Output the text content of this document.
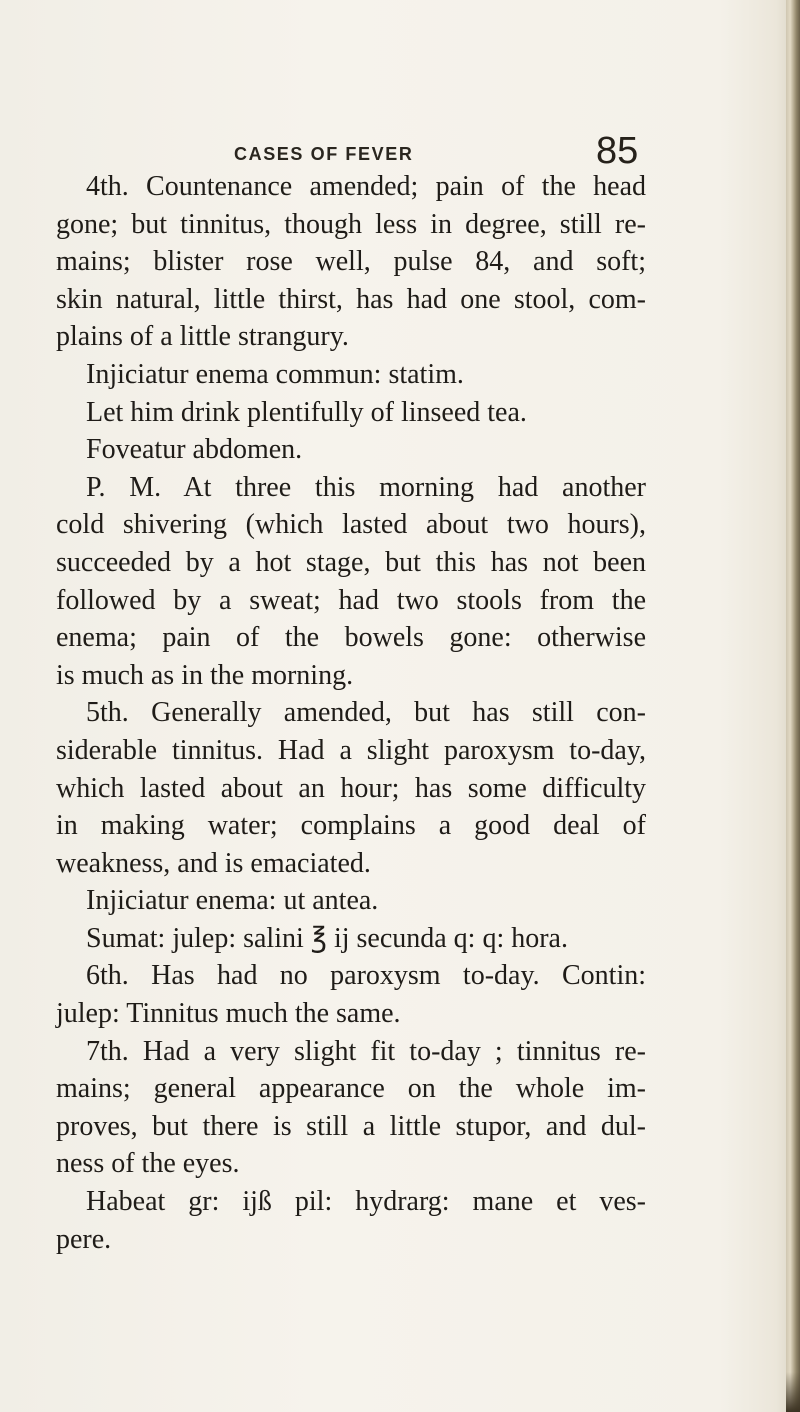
CASES OF FEVER	85
4th. Countenance amended; pain of the head
gone; but tinnitus, though less in degree, still re-
mains; blister rose well, pulse 84, and soft;
skin natural, little thirst, has had one stool, com-
plains of a little strangury.
Injiciatur enema commun: statim.
Let him drink plentifully of linseed tea.
Foveatur abdomen.
P. M. At three this morning had another
cold shivering (which lasted about two hours),
succeeded by a hot stage, but this has not been
followed by a sweat; had two stools from the
enema; pain of the bowels gone: otherwise
is much as in the morning.
5th. Generally amended, but has still con-
siderable tinnitus. Had a slight paroxysm to-day,
which lasted about an hour; has some difficulty
in making water; complains a good deal of
weakness, and is emaciated.
Injiciatur enema: ut antea.
Sumat: julep: salini ℥ ij secunda q: q: hora.
6th. Has had no paroxysm to-day. Contin:
julep: Tinnitus much the same.
7th. Had a very slight fit to-day ; tinnitus re-
mains; general appearance on the whole im-
proves, but there is still a little stupor, and dul-
ness of the eyes.
Habeat gr: ijß pil: hydrarg: mane et ves-
pere.
